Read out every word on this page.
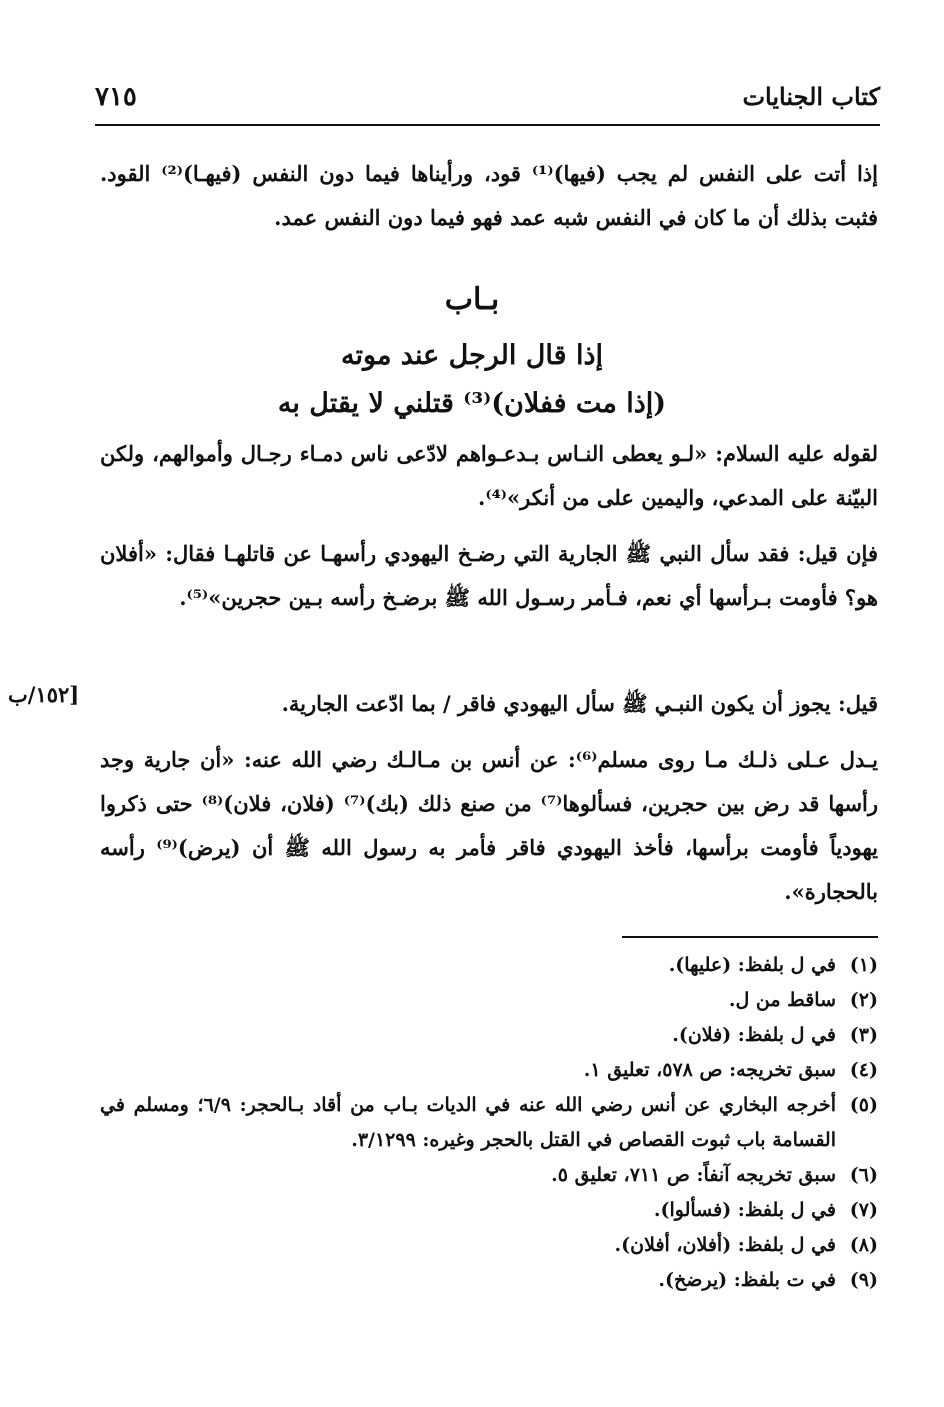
كتاب الجنايات
٧١٥
إذا أتت على النفس لم يجب (فيها)⁽¹⁾ قود، ورأيناها فيما دون النفس (فيهـا)⁽²⁾ القود. فثبت بذلك أن ما كان في النفس شبه عمد فهو فيما دون النفس عمد.
بـاب
إذا قال الرجل عند موته
(إذا مت ففلان)⁽³⁾ قتلني لا يقتل به
لقوله عليه السلام: «لـو يعطى النـاس بـدعـواهم لادّعى ناس دمـاء رجـال وأموالهم، ولكن البيّنة على المدعي، واليمين على من أنكر»⁽⁴⁾.
فإن قيل: فقد سأل النبي ﷺ الجارية التي رضـخ اليهودي رأسهـا عن قاتلهـا فقال: «أفلان هو؟ فأومت بـرأسها أي نعم، فـأمر رسـول الله ﷺ برضـخ رأسه بـين حجرين»⁽⁵⁾.
قيل: يجوز أن يكون النبـي ﷺ سأل اليهودي فاقر / بما ادّعت الجارية.
[١٥٢/ب
يـدل عـلى ذلـك مـا روى مسلم⁽⁶⁾: عن أنس بن مـالـك رضي الله عنه: «أن جارية وجد رأسها قد رض بين حجرين، فسألوها⁽⁷⁾ من صنع ذلك (بك)⁽⁷⁾ (فلان، فلان)⁽⁸⁾ حتى ذكروا يهودياً فأومت برأسها، فأخذ اليهودي فاقر فأمر به رسول الله ﷺ أن (يرض)⁽⁹⁾ رأسه بالحجارة».
(١)
في ل بلفظ: (عليها).
(٢)
ساقط من ل.
(٣)
في ل بلفظ: (فلان).
(٤)
سبق تخريجه: ص ٥٧٨، تعليق ١.
(٥)
أخرجه البخاري عن أنس رضي الله عنه في الديات بـاب من أقاد بـالحجر: ٦/٩؛ ومسلم في القسامة باب ثبوت القصاص في القتل بالحجر وغيره: ٣/١٢٩٩.
(٦)
سبق تخريجه آنفاً: ص ٧١١، تعليق ٥.
(٧)
في ل بلفظ: (فسألوا).
(٨)
في ل بلفظ: (أفلان، أفلان).
(٩)
في ت بلفظ: (يرضخ).
